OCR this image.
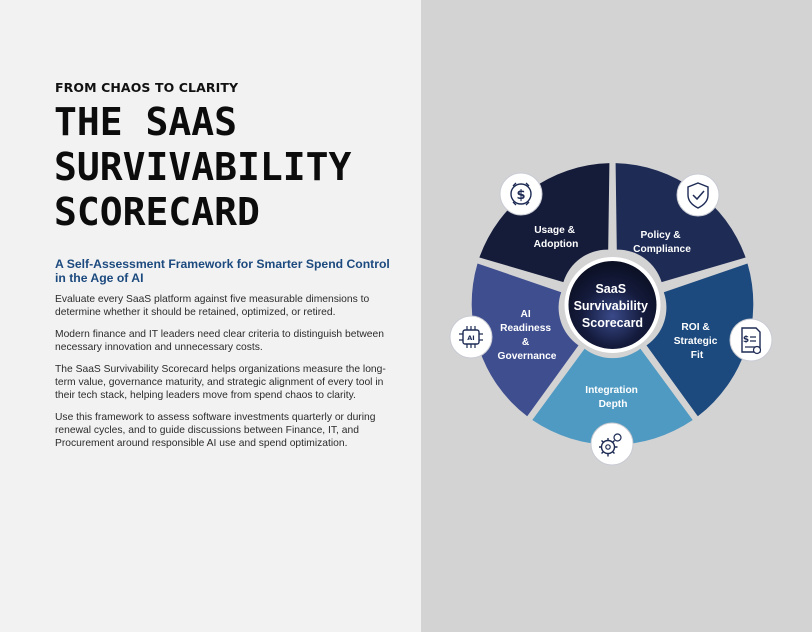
FROM CHAOS TO CLARITY
THE SAAS
SURVIVABILITY
SCORECARD
A Self-Assessment Framework for Smarter Spend Control in the Age of AI

Evaluate every SaaS platform against five measurable dimensions to determine whether it should be retained, optimized, or retired.

Modern finance and IT leaders need clear criteria to distinguish between necessary innovation and unnecessary costs.

The SaaS Survivability Scorecard helps organizations measure the long-term value, governance maturity, and strategic alignment of every tool in their tech stack, helping leaders move from spend chaos to clarity.

Use this framework to assess software investments quarterly or during renewal cycles, and to guide discussions between Finance, IT, and Procurement around responsible AI use and spend optimization.

SaaS Survivability Scorecard
Usage & Adoption
Policy & Compliance
ROI & Strategic Fit
Integration Depth
AI Readiness & Governance
$
$
AI
